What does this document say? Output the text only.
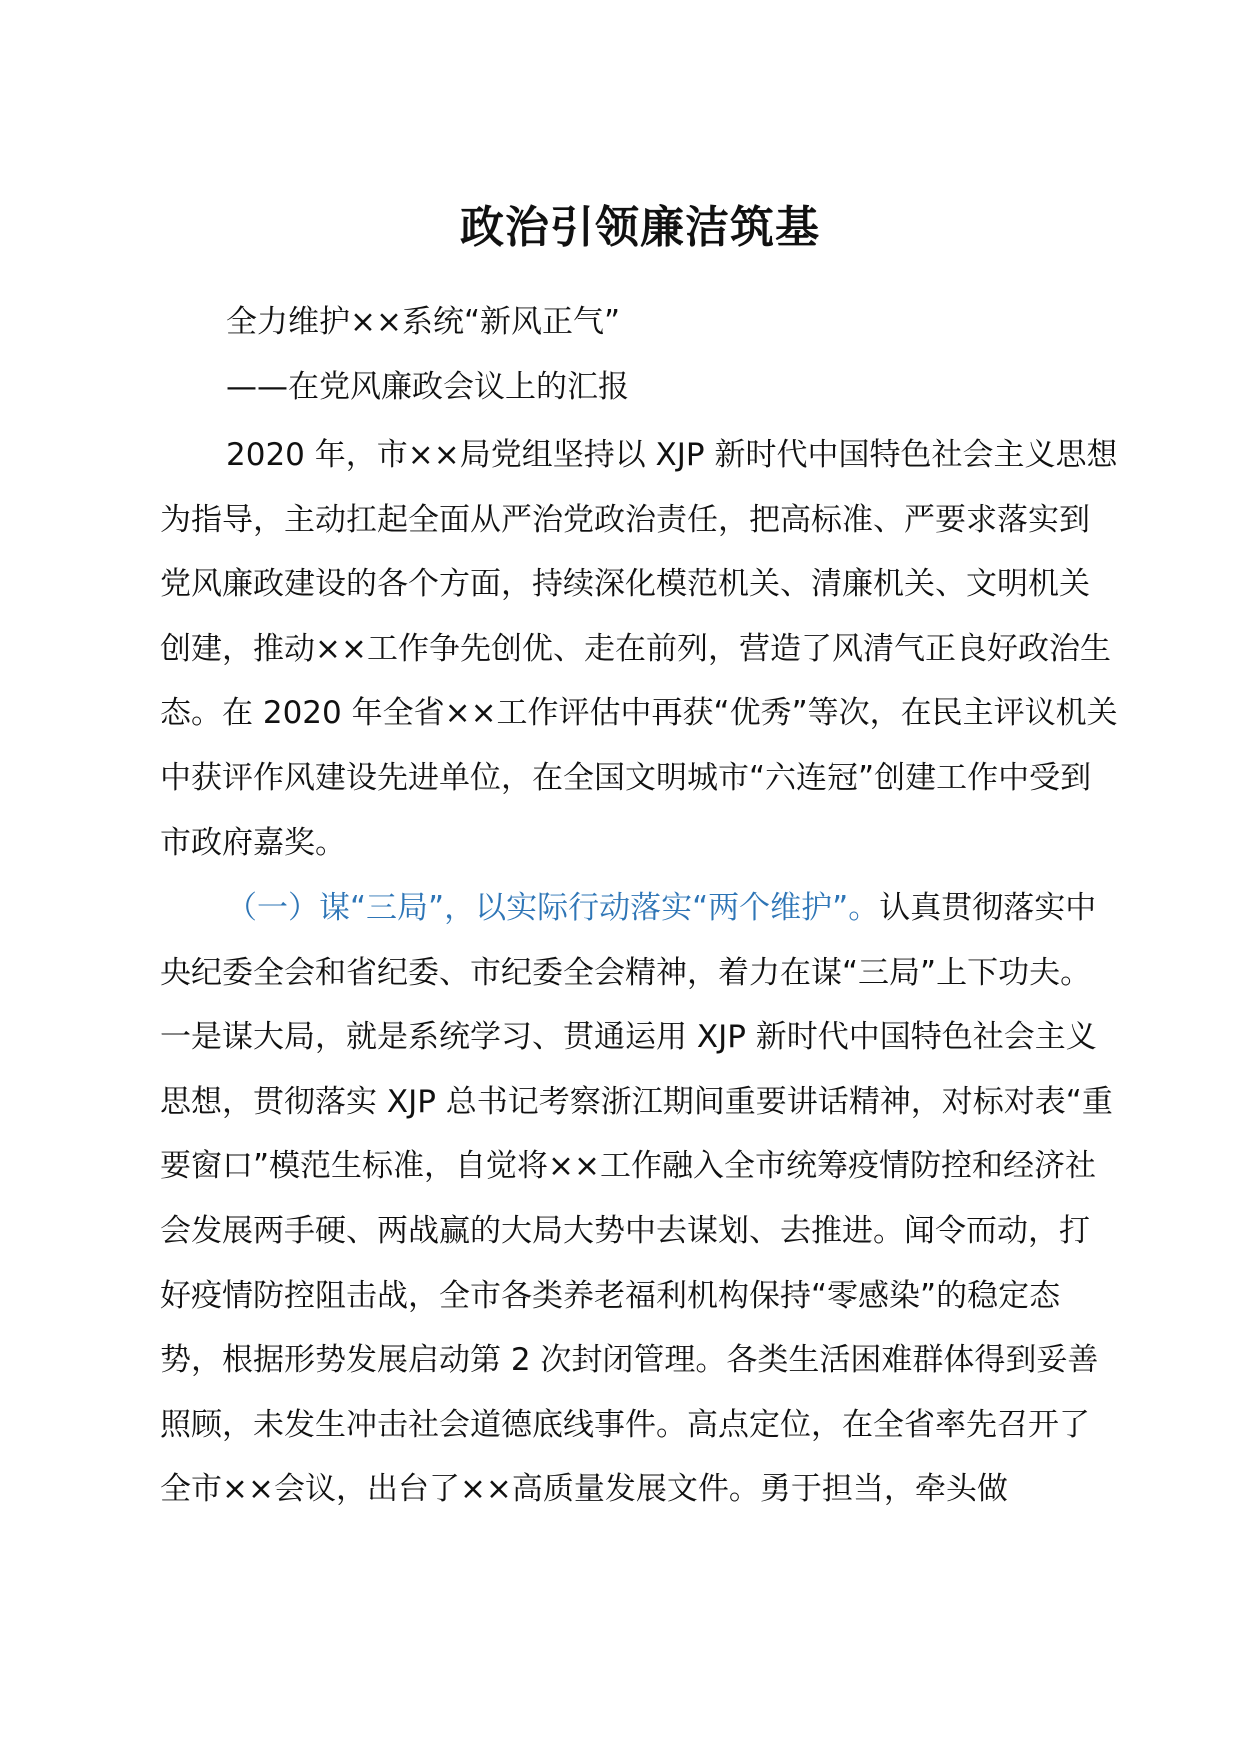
政治引领廉洁筑基

全力维护××系统“新风正气”

——在党风廉政会议上的汇报

2020 年，市××局党组坚持以 XJP 新时代中国特色社会主义思想为指导，主动扛起全面从严治党政治责任，把高标准、严要求落实到党风廉政建设的各个方面，持续深化模范机关、清廉机关、文明机关创建，推动××工作争先创优、走在前列，营造了风清气正良好政治生态。在 2020 年全省××工作评估中再获“优秀”等次，在民主评议机关中获评作风建设先进单位，在全国文明城市“六连冠”创建工作中受到市政府嘉奖。

（一）谋“三局”，以实际行动落实“两个维护”。认真贯彻落实中央纪委全会和省纪委、市纪委全会精神，着力在谋“三局”上下功夫。一是谋大局，就是系统学习、贯通运用 XJP 新时代中国特色社会主义思想，贯彻落实 XJP 总书记考察浙江期间重要讲话精神，对标对表“重要窗口”模范生标准，自觉将××工作融入全市统筹疫情防控和经济社会发展两手硬、两战赢的大局大势中去谋划、去推进。闻令而动，打好疫情防控阻击战，全市各类养老福利机构保持“零感染”的稳定态势，根据形势发展启动第 2 次封闭管理。各类生活困难群体得到妥善照顾，未发生冲击社会道德底线事件。高点定位，在全省率先召开了全市××会议，出台了××高质量发展文件。勇于担当，牵头做
